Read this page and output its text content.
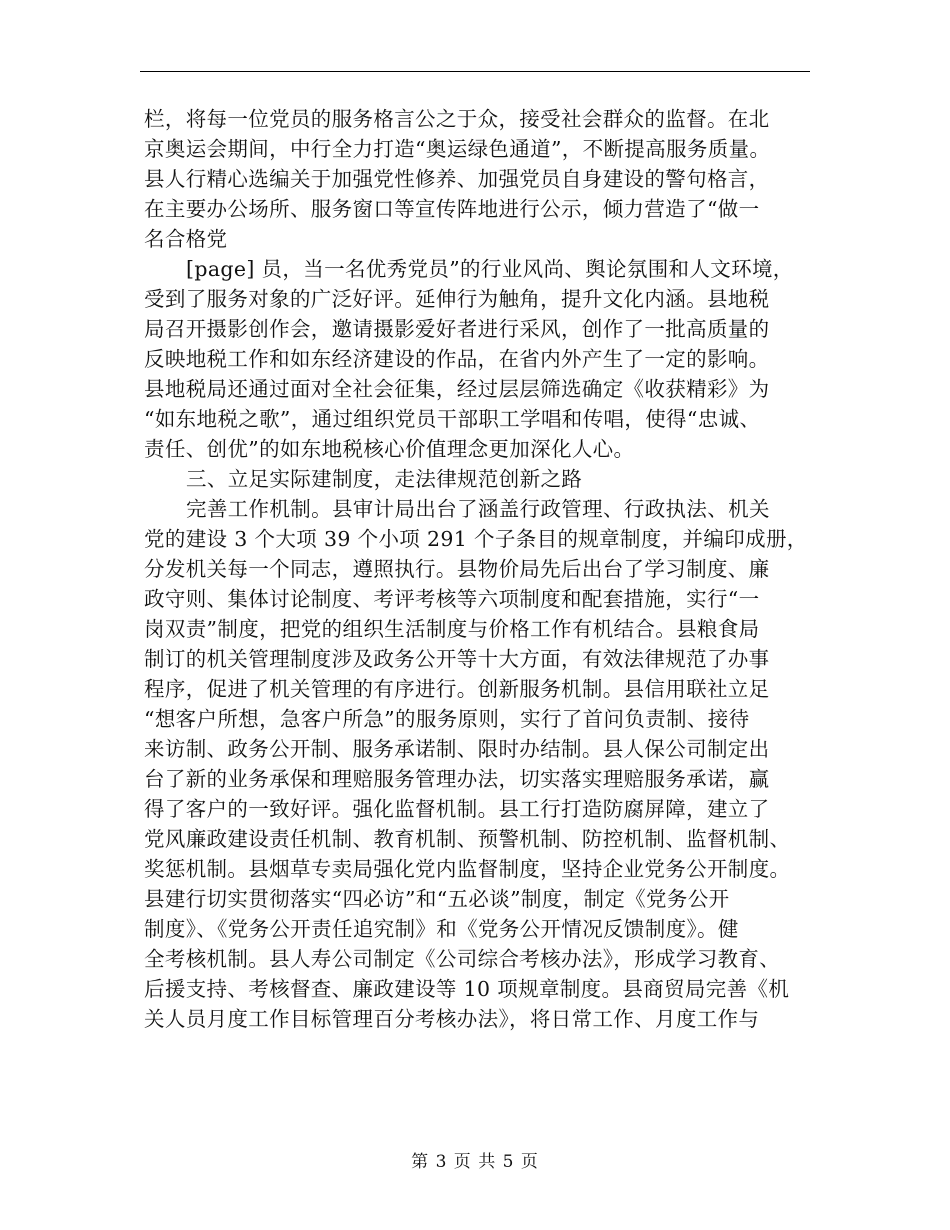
栏，将每一位党员的服务格言公之于众，接受社会群众的监督。在北
京奥运会期间，中行全力打造“奥运绿色通道”，不断提高服务质量。
县人行精心选编关于加强党性修养、加强党员自身建设的警句格言，
在主要办公场所、服务窗口等宣传阵地进行公示，倾力营造了“做一
名合格党
[page] 员，当一名优秀党员”的行业风尚、舆论氛围和人文环境，
受到了服务对象的广泛好评。延伸行为触角，提升文化内涵。县地税
局召开摄影创作会，邀请摄影爱好者进行采风，创作了一批高质量的
反映地税工作和如东经济建设的作品，在省内外产生了一定的影响。
县地税局还通过面对全社会征集，经过层层筛选确定《收获精彩》为
“如东地税之歌”，通过组织党员干部职工学唱和传唱，使得“忠诚、
责任、创优”的如东地税核心价值理念更加深化人心。
三、立足实际建制度，走法律规范创新之路
完善工作机制。县审计局出台了涵盖行政管理、行政执法、机关
党的建设 3 个大项 39 个小项 291 个子条目的规章制度，并编印成册，
分发机关每一个同志，遵照执行。县物价局先后出台了学习制度、廉
政守则、集体讨论制度、考评考核等六项制度和配套措施，实行“一
岗双责”制度，把党的组织生活制度与价格工作有机结合。县粮食局
制订的机关管理制度涉及政务公开等十大方面，有效法律规范了办事
程序，促进了机关管理的有序进行。创新服务机制。县信用联社立足
“想客户所想，急客户所急”的服务原则，实行了首问负责制、接待
来访制、政务公开制、服务承诺制、限时办结制。县人保公司制定出
台了新的业务承保和理赔服务管理办法，切实落实理赔服务承诺，赢
得了客户的一致好评。强化监督机制。县工行打造防腐屏障，建立了
党风廉政建设责任机制、教育机制、预警机制、防控机制、监督机制、
奖惩机制。县烟草专卖局强化党内监督制度，坚持企业党务公开制度。
县建行切实贯彻落实“四必访”和“五必谈”制度，制定《党务公开
制度》、《党务公开责任追究制》和《党务公开情况反馈制度》。健
全考核机制。县人寿公司制定《公司综合考核办法》，形成学习教育、
后援支持、考核督查、廉政建设等 10 项规章制度。县商贸局完善《机
关人员月度工作目标管理百分考核办法》，将日常工作、月度工作与
第 3 页 共 5 页
